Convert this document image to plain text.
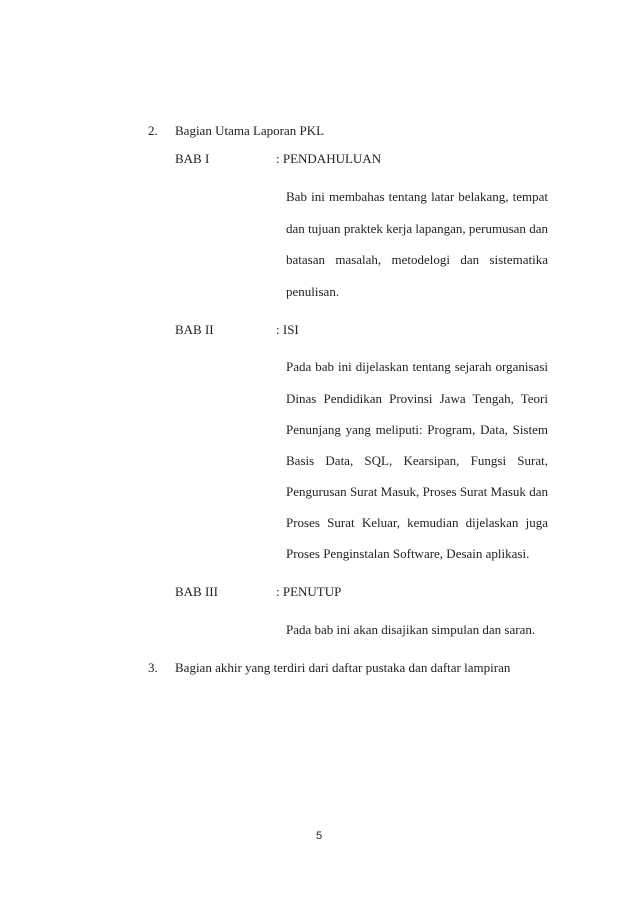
2. Bagian Utama Laporan PKL
BAB I	: PENDAHULUAN
Bab ini membahas tentang latar belakang, tempat
dan tujuan praktek kerja lapangan, perumusan dan
batasan masalah, metodelogi dan sistematika
penulisan.
BAB II	: ISI
Pada bab ini dijelaskan tentang sejarah organisasi
Dinas Pendidikan Provinsi Jawa Tengah, Teori
Penunjang yang meliputi: Program, Data, Sistem
Basis Data, SQL, Kearsipan, Fungsi Surat,
Pengurusan Surat Masuk, Proses Surat Masuk dan
Proses Surat Keluar, kemudian dijelaskan juga
Proses Penginstalan Software, Desain aplikasi.
BAB III	: PENUTUP
Pada bab ini akan disajikan simpulan dan saran.
3. Bagian akhir yang terdiri dari daftar pustaka dan daftar lampiran
5
